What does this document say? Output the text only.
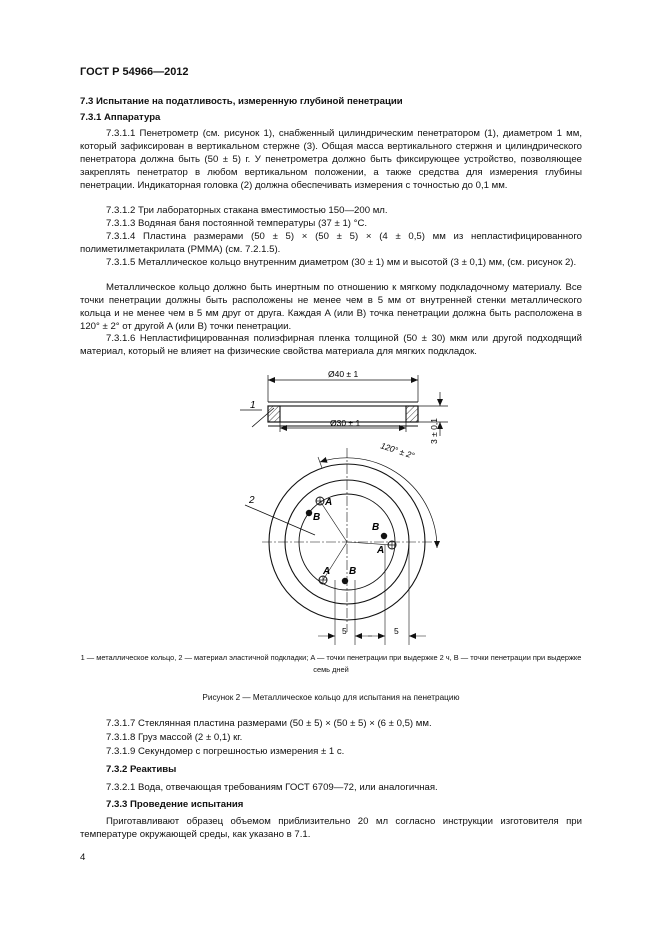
ГОСТ Р 54966—2012

7.3 Испытание на податливость, измеренную глубиной пенетрации

7.3.1 Аппаратура

7.3.1.1 Пенетрометр (см. рисунок 1), снабженный цилиндрическим пенетратором (1), диаметром 1 мм, который зафиксирован в вертикальном стержне (3). Общая масса вертикального стержня и цилиндрического пенетратора должна быть (50 ± 5) г. У пенетрометра должно быть фиксирующее устройство, позволяющее закреплять пенетратор в любом вертикальном положении, а также средства для измерения глубины пенетрации. Индикаторная головка (2) должна обеспечивать измерения с точностью до 0,1 мм.

7.3.1.2 Три лабораторных стакана вместимостью 150—200 мл.

7.3.1.3 Водяная баня постоянной температуры (37 ± 1) °C.

7.3.1.4 Пластина размерами (50 ± 5) × (50 ± 5) × (4 ± 0,5) мм из непластифицированного полиметилметакрилата (PMMA) (см. 7.2.1.5).

7.3.1.5 Металлическое кольцо внутренним диаметром (30 ± 1) мм и высотой (3 ± 0,1) мм, (см. рисунок 2).

Металлическое кольцо должно быть инертным по отношению к мягкому подкладочному материалу. Все точки пенетрации должны быть расположены не менее чем в 5 мм от внутренней стенки металлического кольца и не менее чем в 5 мм друг от друга. Каждая A (или B) точка пенетрации должна быть расположена в 120° ± 2° от другой A (или B) точки пенетрации.

7.3.1.6 Непластифицированная полиэфирная пленка толщиной (50 ± 30) мкм или другой подходящий материал, который не влияет на физические свойства материала для мягких подкладок.

Ø40 ± 1
Ø30 ± 1	3 ± 0,1
1
A
B
B
A
A B
120° ± 2°
2
5	5

1 — металлическое кольцо, 2 — материал эластичной подкладки; A — точки пенетрации при выдержке 2 ч, B — точки пенетрации при выдержке семь дней

Рисунок 2 — Металлическое кольцо для испытания на пенетрацию

7.3.1.7 Стеклянная пластина размерами (50 ± 5) × (50 ± 5) × (6 ± 0,5) мм.

7.3.1.8 Груз массой (2 ± 0,1) кг.

7.3.1.9 Секундомер с погрешностью измерения ± 1 с.

7.3.2 Реактивы

7.3.2.1 Вода, отвечающая требованиям ГОСТ 6709—72, или аналогичная.

7.3.3 Проведение испытания

Приготавливают образец объемом приблизительно 20 мл согласно инструкции изготовителя при температуре окружающей среды, как указано в 7.1.

4
